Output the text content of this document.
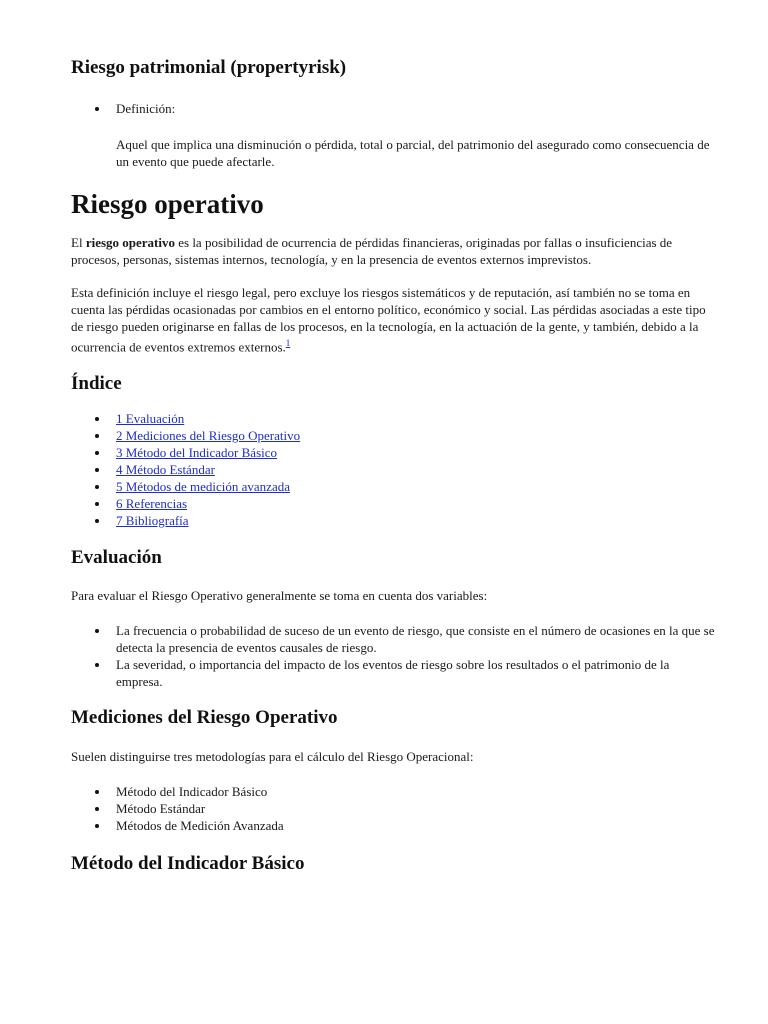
Riesgo patrimonial (propertyrisk)
Definición:
Aquel que implica una disminución o pérdida, total o parcial, del patrimonio del asegurado como consecuencia de un evento que puede afectarle.
Riesgo operativo

El riesgo operativo es la posibilidad de ocurrencia de pérdidas financieras, originadas por fallas o insuficiencias de procesos, personas, sistemas internos, tecnología, y en la presencia de eventos externos imprevistos.

Esta definición incluye el riesgo legal, pero excluye los riesgos sistemáticos y de reputación, así también no se toma en cuenta las pérdidas ocasionadas por cambios en el entorno político, económico y social. Las pérdidas asociadas a este tipo de riesgo pueden originarse en fallas de los procesos, en la tecnología, en la actuación de la gente, y también, debido a la ocurrencia de eventos extremos externos.$^1$

Índice
1 Evaluación
2 Mediciones del Riesgo Operativo
3 Método del Indicador Básico
4 Método Estándar
5 Métodos de medición avanzada
6 Referencias
7 Bibliografía
Evaluación

Para evaluar el Riesgo Operativo generalmente se toma en cuenta dos variables:

La frecuencia o probabilidad de suceso de un evento de riesgo, que consiste en el número de ocasiones en la que se detecta la presencia de eventos causales de riesgo.
La severidad, o importancia del impacto de los eventos de riesgo sobre los resultados o el patrimonio de la empresa.
Mediciones del Riesgo Operativo

Suelen distinguirse tres metodologías para el cálculo del Riesgo Operacional:

Método del Indicador Básico
Método Estándar
Métodos de Medición Avanzada
Método del Indicador Básico
